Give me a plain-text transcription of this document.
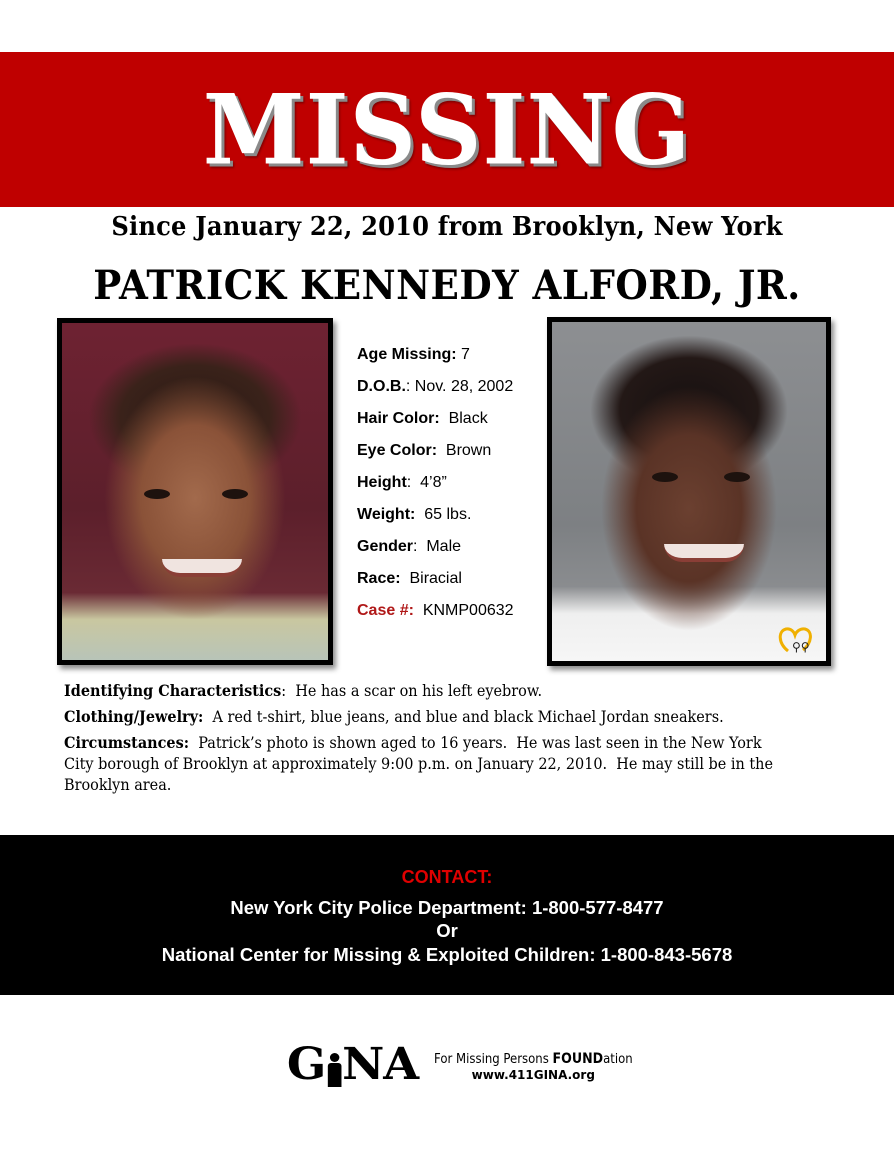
MISSING
Since January 22, 2010 from Brooklyn, New York
PATRICK KENNEDY ALFORD, JR.
Age Missing: 7
D.O.B.: Nov. 28, 2002
Hair Color:  Black
Eye Color:  Brown
Height:  4’8”
Weight:  65 lbs.
Gender:  Male
Race:  Biracial
Case #:  KNMP00632
⚲⚲

Identifying Characteristics:  He has a scar on his left eyebrow.

Clothing/Jewelry:  A red t-shirt, blue jeans, and blue and black Michael Jordan sneakers.

Circumstances:  Patrick’s photo is shown aged to 16 years.  He was last seen in the New York City borough of Brooklyn at approximately 9:00 p.m. on January 22, 2010.  He may still be in the Brooklyn area.

CONTACT:
New York City Police Department: 1-800-577-8477
Or
National Center for Missing & Exploited Children: 1-800-843-5678
G NA For Missing Persons FOUNDation
www.411GINA.org
